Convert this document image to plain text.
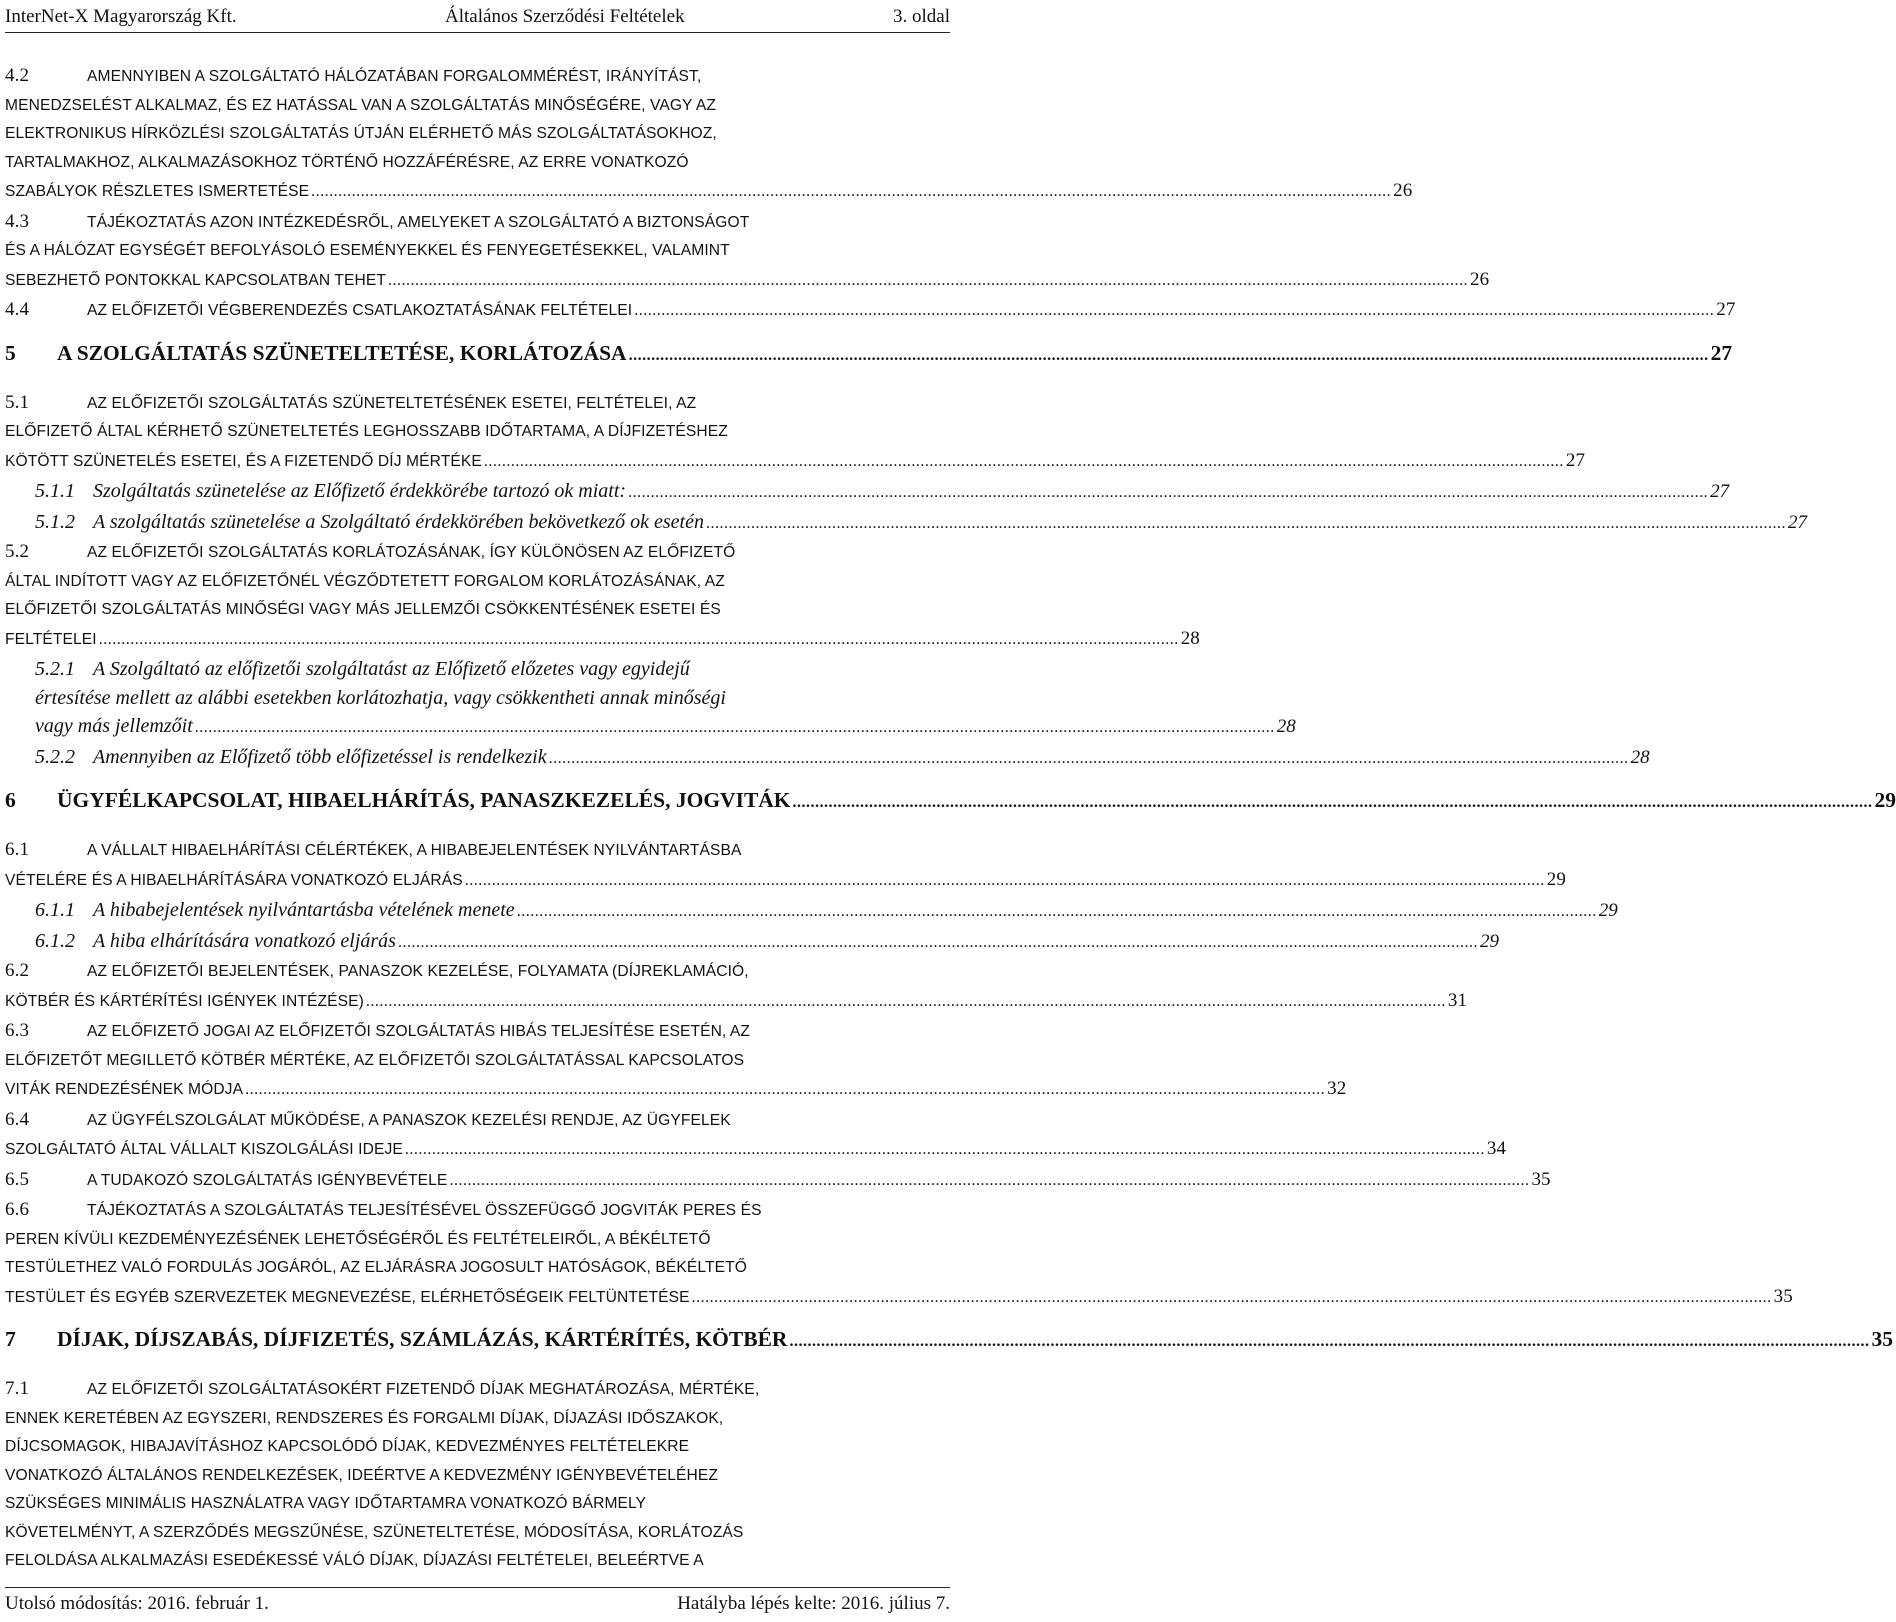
InterNet-X Magyarország Kft.	Általános Szerződési Feltételek	3. oldal
4.2	AMENNYIBEN A SZOLGÁLTATÓ HÁLÓZATÁBAN FORGALOMMÉRÉST, IRÁNYÍTÁST,
MENEDZSELÉST ALKALMAZ, ÉS EZ HATÁSSAL VAN A SZOLGÁLTATÁS MINŐSÉGÉRE, VAGY AZ
ELEKTRONIKUS HÍRKÖZLÉSI SZOLGÁLTATÁS ÚTJÁN ELÉRHETŐ MÁS SZOLGÁLTATÁSOKHOZ,
TARTALMAKHOZ, ALKALMAZÁSOKHOZ TÖRTÉNŐ HOZZÁFÉRÉSRE, AZ ERRE VONATKOZÓ
SZABÁLYOK RÉSZLETES ISMERTETÉSE .....	26
4.3	TÁJÉKOZTATÁS AZON INTÉZKEDÉSRŐL, AMELYEKET A SZOLGÁLTATÓ A BIZTONSÁGOT
ÉS A HÁLÓZAT EGYSÉGÉT BEFOLYÁSOLÓ ESEMÉNYEKKEL ÉS FENYEGETÉSEKKEL, VALAMINT
SEBEZHETŐ PONTOKKAL KAPCSOLATBAN TEHET .....	26
4.4	AZ ELŐFIZETŐI VÉGBERENDEZÉS CSATLAKOZTATÁSÁNAK FELTÉTELEI .....	27
5 A SZOLGÁLTATÁS SZÜNETELTETÉSE, KORLÁTOZÁSA .....	27
5.1	AZ ELŐFIZETŐI SZOLGÁLTATÁS SZÜNETELTETÉSÉNEK ESETEI, FELTÉTELEI, AZ
ELŐFIZETŐ ÁLTAL KÉRHETŐ SZÜNETELTETÉS LEGHOSSZABB IDŐTARTAMA, A DÍJFIZETÉSHEZ
KÖTÖTT SZÜNETELÉS ESETEI, ÉS A FIZETENDŐ DÍJ MÉRTÉKE .....	27
5.1.1 Szolgáltatás szünetelése az Előfizető érdekkörébe tartozó ok miatt: .....	27
5.1.2 A szolgáltatás szünetelése a Szolgáltató érdekkörében bekövetkező ok esetén .....	27
5.2	AZ ELŐFIZETŐI SZOLGÁLTATÁS KORLÁTOZÁSÁNAK, ÍGY KÜLÖNÖSEN AZ ELŐFIZETŐ
ÁLTAL INDÍTOTT VAGY AZ ELŐFIZETŐNÉL VÉGZŐDTETETT FORGALOM KORLÁTOZÁSÁNAK, AZ
ELŐFIZETŐI SZOLGÁLTATÁS MINŐSÉGI VAGY MÁS JELLEMZŐI CSÖKKENTÉSÉNEK ESETEI ÉS
FELTÉTELEI .....	28
5.2.1 A Szolgáltató az előfizetői szolgáltatást az Előfizető előzetes vagy egyidejű
értesítése mellett az alábbi esetekben korlátozhatja, vagy csökkentheti annak minőségi
vagy más jellemzőit .....	28
5.2.2 Amennyiben az Előfizető több előfizetéssel is rendelkezik .....	28
6 ÜGYFÉLKAPCSOLAT, HIBAELHÁRÍTÁS, PANASZKEZELÉS, JOGVITÁK .....	29
6.1	A VÁLLALT HIBAELHÁRÍTÁSI CÉLÉRTÉKEK, A HIBABEJELENTÉSEK NYILVÁNTARTÁSBA
VÉTELÉRE ÉS A HIBAELHÁRÍTÁSÁRA VONATKOZÓ ELJÁRÁS .....	29
6.1.1 A hibabejelentések nyilvántartásba vételének menete .....	29
6.1.2 A hiba elhárítására vonatkozó eljárás .....	29
6.2	AZ ELŐFIZETŐI BEJELENTÉSEK, PANASZOK KEZELÉSE, FOLYAMATA (DÍJREKLAMÁCIÓ,
KÖTBÉR ÉS KÁRTÉRÍTÉSI IGÉNYEK INTÉZÉSE) .....	31
6.3	AZ ELŐFIZETŐ JOGAI AZ ELŐFIZETŐI SZOLGÁLTATÁS HIBÁS TELJESÍTÉSE ESETÉN, AZ
ELŐFIZETŐT MEGILLETŐ KÖTBÉR MÉRTÉKE, AZ ELŐFIZETŐI SZOLGÁLTATÁSSAL KAPCSOLATOS
VITÁK RENDEZÉSÉNEK MÓDJA .....	32
6.4	AZ ÜGYFÉLSZOLGÁLAT MŰKÖDÉSE, A PANASZOK KEZELÉSI RENDJE, AZ ÜGYFELEK
SZOLGÁLTATÓ ÁLTAL VÁLLALT KISZOLGÁLÁSI IDEJE .....	34
6.5	A TUDAKOZÓ SZOLGÁLTATÁS IGÉNYBEVÉTELE .....	35
6.6	TÁJÉKOZTATÁS A SZOLGÁLTATÁS TELJESÍTÉSÉVEL ÖSSZEFÜGGŐ JOGVITÁK PERES ÉS
PEREN KÍVÜLI KEZDEMÉNYEZÉSÉNEK LEHETŐSÉGÉRŐL ÉS FELTÉTELEIRŐL, A BÉKÉLTETŐ
TESTÜLETHEZ VALÓ FORDULÁS JOGÁRÓL, AZ ELJÁRÁSRA JOGOSULT HATÓSÁGOK, BÉKÉLTETŐ
TESTÜLET ÉS EGYÉB SZERVEZETEK MEGNEVEZÉSE, ELÉRHETŐSÉGEIK FELTÜNTETÉSE .....	35
7 DÍJAK, DÍJSZABÁS, DÍJFIZETÉS, SZÁMLÁZÁS, KÁRTÉRÍTÉS, KÖTBÉR .....	35
7.1	AZ ELŐFIZETŐI SZOLGÁLTATÁSOKÉRT FIZETENDŐ DÍJAK MEGHATÁROZÁSA, MÉRTÉKE,
ENNEK KERETÉBEN AZ EGYSZERI, RENDSZERES ÉS FORGALMI DÍJAK, DÍJAZÁSI IDŐSZAKOK,
DÍJCSOMAGOK, HIBAJAVÍTÁSHOZ KAPCSOLÓDÓ DÍJAK, KEDVEZMÉNYES FELTÉTELEKRE
VONATKOZÓ ÁLTALÁNOS RENDELKEZÉSEK, IDEÉRTVE A KEDVEZMÉNY IGÉNYBEVÉTELÉHEZ
SZÜKSÉGES MINIMÁLIS HASZNÁLATRA VAGY IDŐTARTAMRA VONATKOZÓ BÁRMELY
KÖVETELMÉNYT, A SZERZŐDÉS MEGSZŰNÉSE, SZÜNETELTETÉSE, MÓDOSÍTÁSA, KORLÁTOZÁS
FELOLDÁSA ALKALMAZÁSI ESEDÉKESSÉ VÁLÓ DÍJAK, DÍJAZÁSI FELTÉTELEI, BELEÉRTVE A
Utolsó módosítás: 2016. február 1.	Hatályba lépés kelte: 2016. július 7.
